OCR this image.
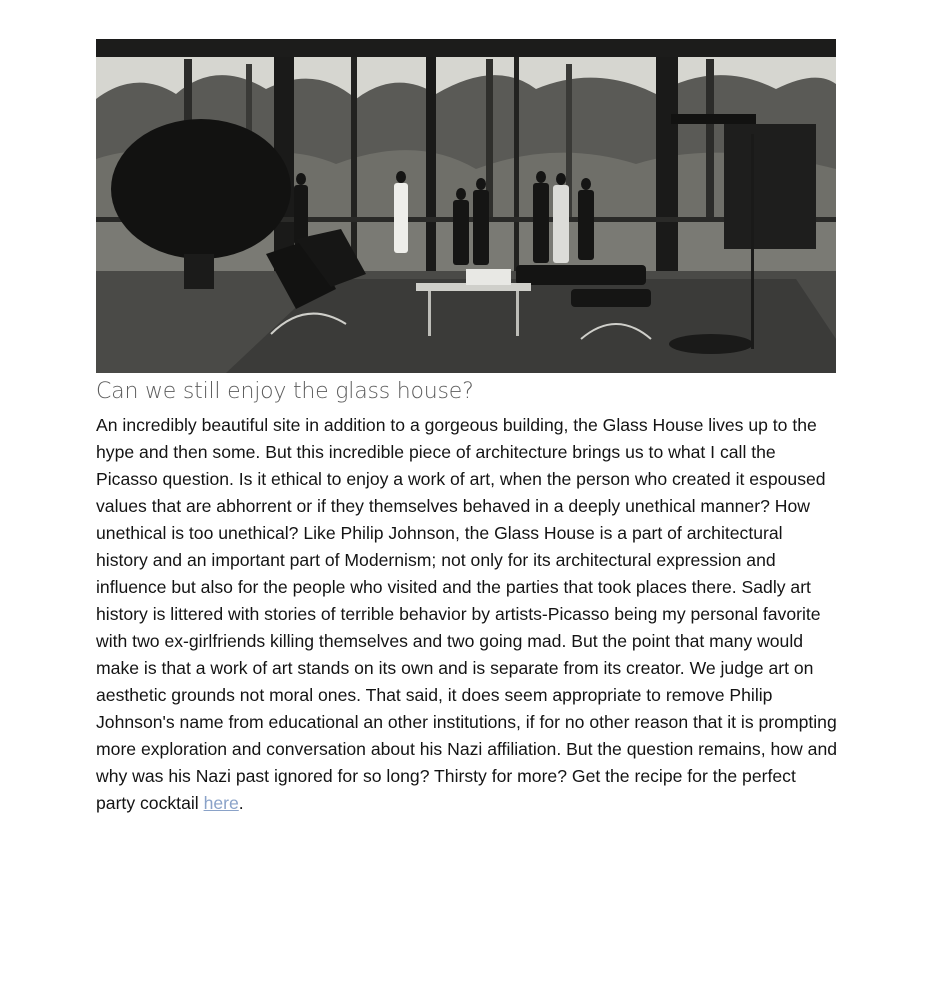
Can we still enjoy the glass house?

An incredibly beautiful site in addition to a gorgeous building, the Glass House lives up to the hype and then some. But this incredible piece of architecture brings us to what I call the Picasso question. Is it ethical to enjoy a work of art, when the person who created it espoused values that are abhorrent or if they themselves behaved in a deeply unethical manner? How unethical is too unethical? Like Philip Johnson, the Glass House is a part of architectural history and an important part of Modernism; not only for its architectural expression and influence but also for the people who visited and the parties that took places there. Sadly art history is littered with stories of terrible behavior by artists-Picasso being my personal favorite with two ex-girlfriends killing themselves and two going mad. But the point that many would make is that a work of art stands on its own and is separate from its creator. We judge art on aesthetic grounds not moral ones. That said, it does seem appropriate to remove Philip Johnson's name from educational an other institutions, if for no other reason that it is prompting more exploration and conversation about his Nazi affiliation. But the question remains, how and why was his Nazi past ignored for so long? Thirsty for more? Get the recipe for the perfect party cocktail here.
